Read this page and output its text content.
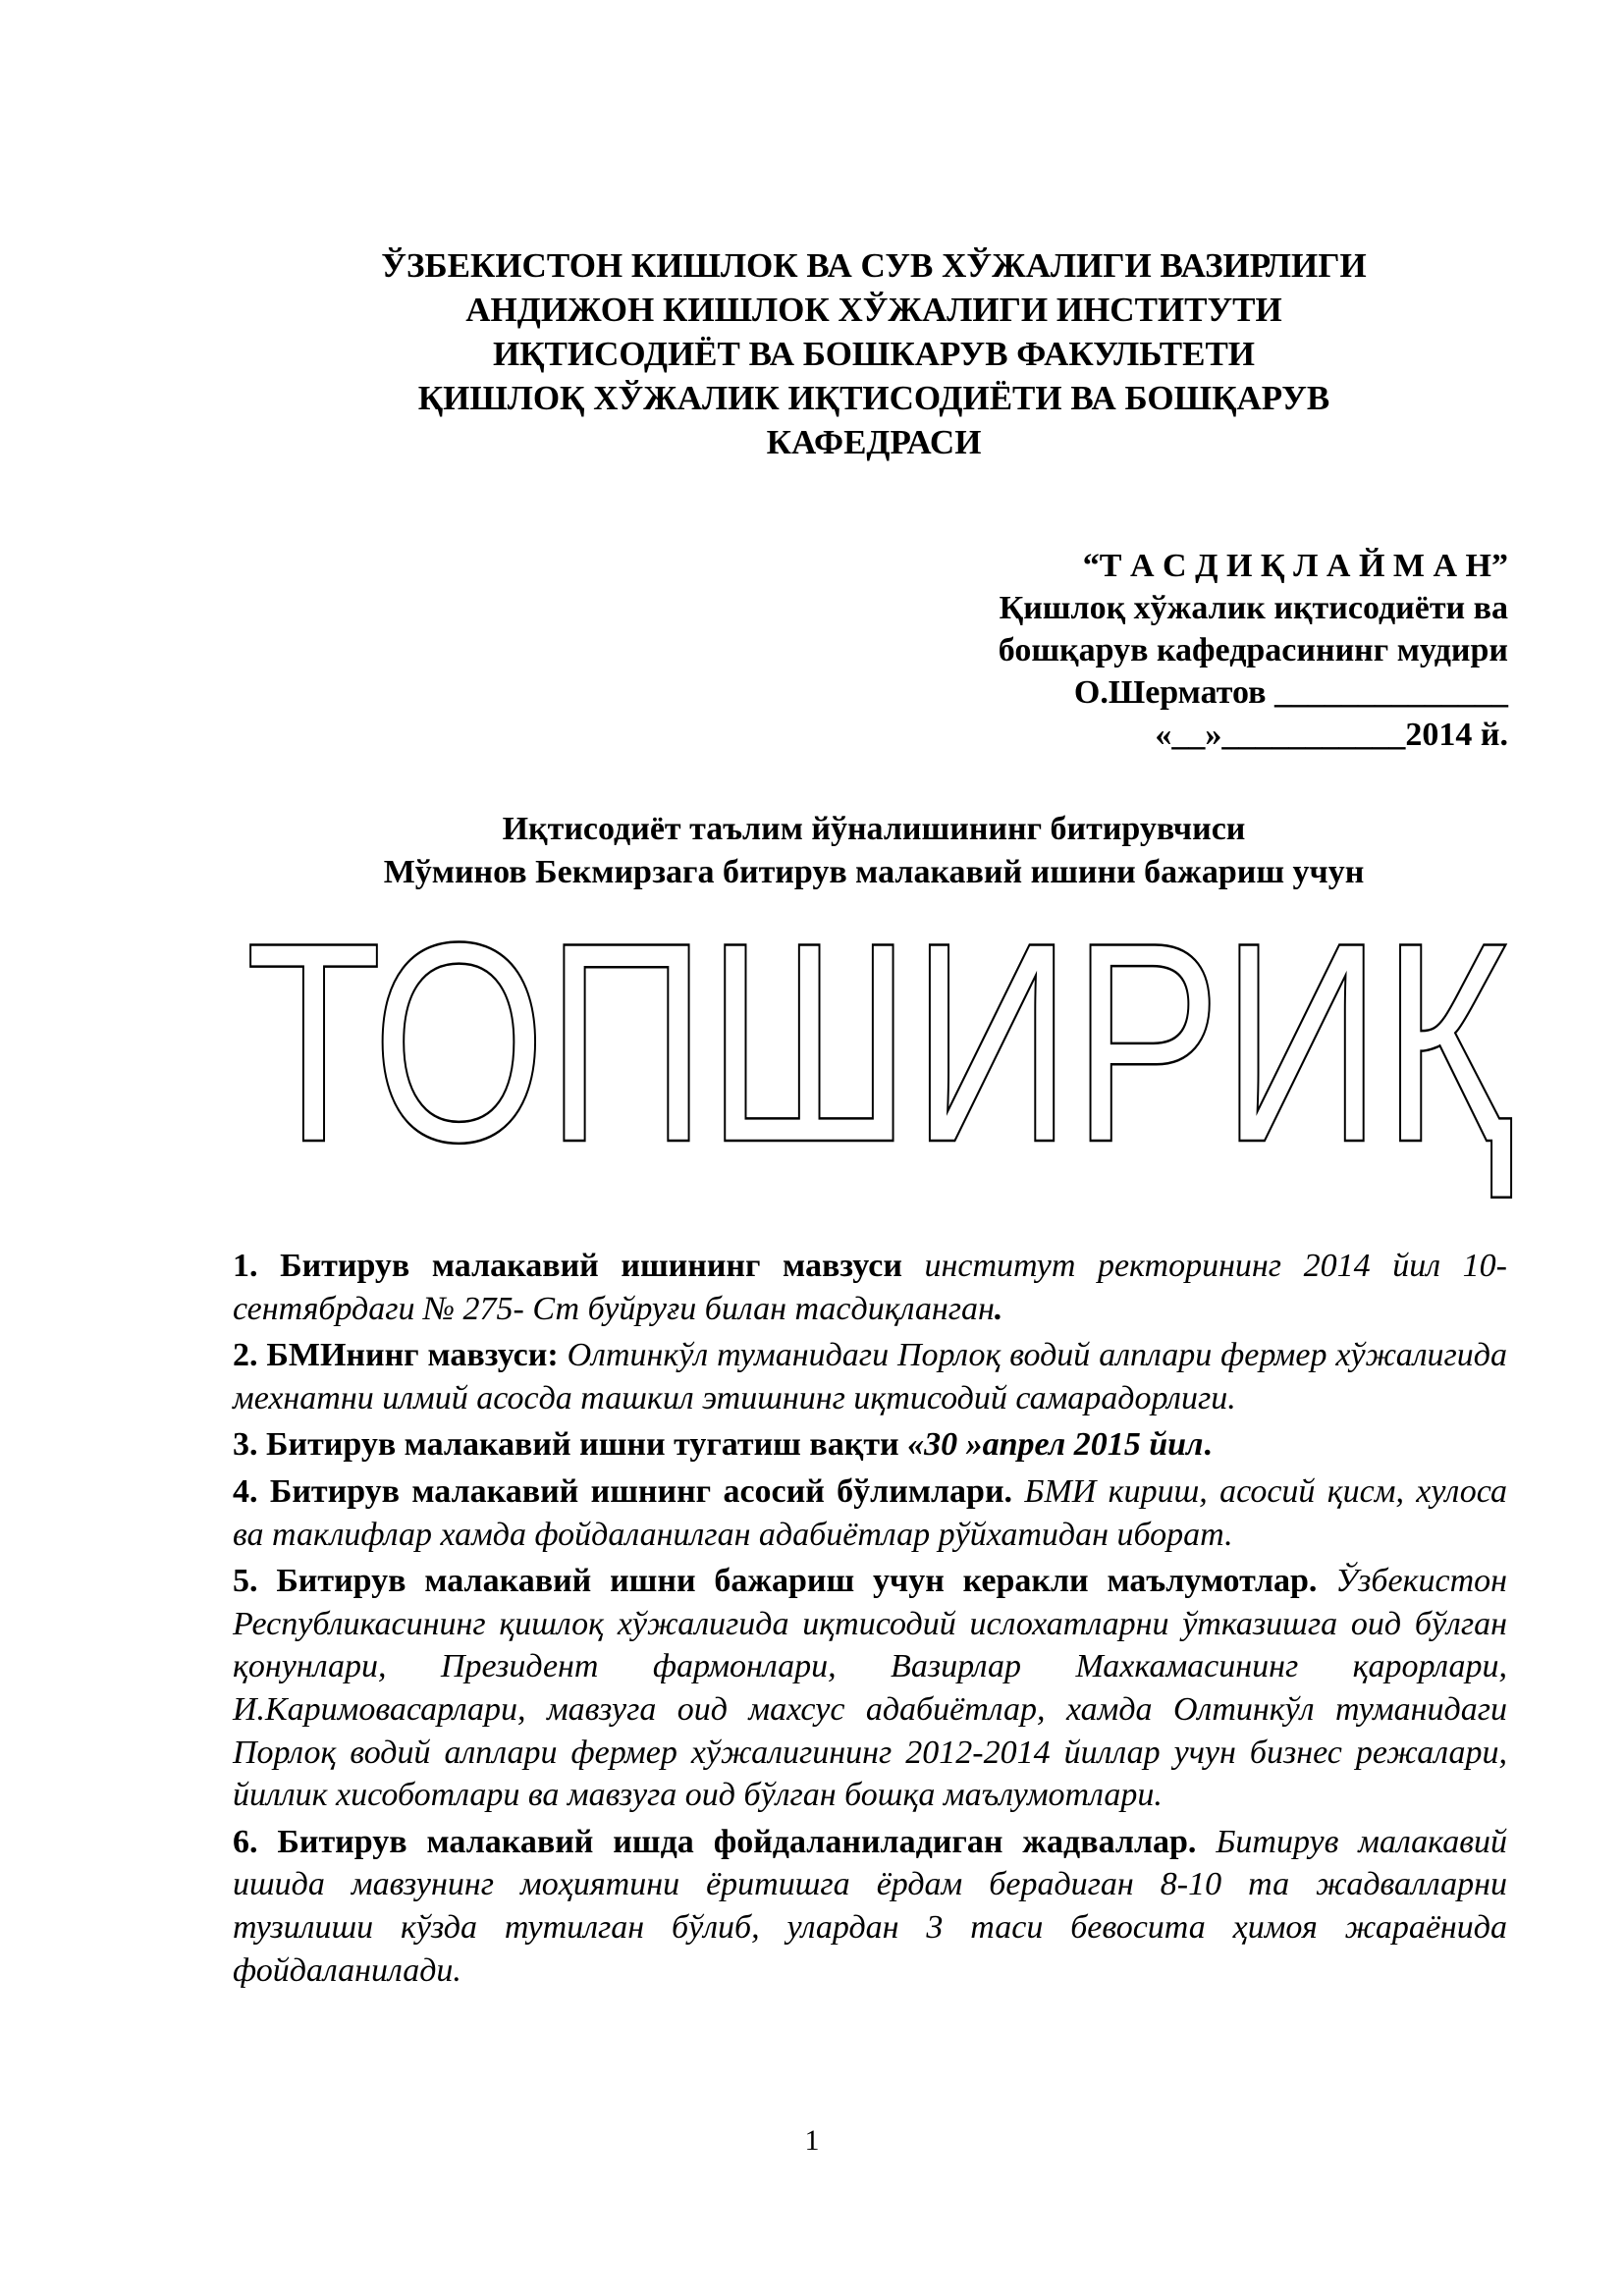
ЎЗБЕКИСТОН КИШЛОК ВА СУВ ХЎЖАЛИГИ ВАЗИРЛИГИ
АНДИЖОН КИШЛОК ХЎЖАЛИГИ ИНСТИТУТИ
ИҚТИСОДИЁТ ВА БОШКАРУВ ФАКУЛЬТЕТИ
ҚИШЛОҚ ХЎЖАЛИК ИҚТИСОДИЁТИ ВА БОШҚАРУВ
КАФЕДРАСИ
“Т А С Д И Қ Л А Й М А Н”
Қишлоқ хўжалик иқтисодиёти ва
бошқарув кафедрасининг мудири
О.Шерматов ______________
«__»___________2014 й.
Иқтисодиёт таълим йўналишининг битирувчиси
Мўминов Бекмирзага битирув малакавий ишини бажариш учун
ТОПШИРИҚ

1. Битирув малакавий ишининг мавзуси институт ректорининг 2014 йил 10-сентябрдаги № 275- Ст буйруғи билан тасдиқланган.

2. БМИнинг мавзуси: Олтинкўл туманидаги Порлоқ водий алплари фермер хўжалигида мехнатни илмий асосда ташкил этишнинг иқтисодий самарадорлиги.

3. Битирув малакавий ишни тугатиш вақти «30 »апрел 2015 йил.

4. Битирув малакавий ишнинг асосий бўлимлари. БМИ кириш, асосий қисм, хулоса ва таклифлар хамда фойдаланилган адабиётлар рўйхатидан иборат.

5. Битирув малакавий ишни бажариш учун керакли маълумотлар. Ўзбекистон Республикасининг қишлоқ хўжалигида иқтисодий ислохатларни ўтказишга оид бўлган қонунлари, Президент фармонлари, Вазирлар Махкамасининг қарорлари, И.Каримовасарлари, мавзуга оид махсус адабиётлар, хамда Олтинкўл туманидаги Порлоқ водий алплари фермер хўжалигининг 2012-2014 йиллар учун бизнес режалари, йиллик хисоботлари ва мавзуга оид бўлган бошқа маълумотлари.

6. Битирув малакавий ишда фойдаланиладиган жадваллар. Битирув малакавий ишида мавзунинг моҳиятини ёритишга ёрдам берадиган 8-10 та жадвалларни тузилиши кўзда тутилган бўлиб, улардан 3 таси бевосита ҳимоя жараёнида фойдаланилади.

1
